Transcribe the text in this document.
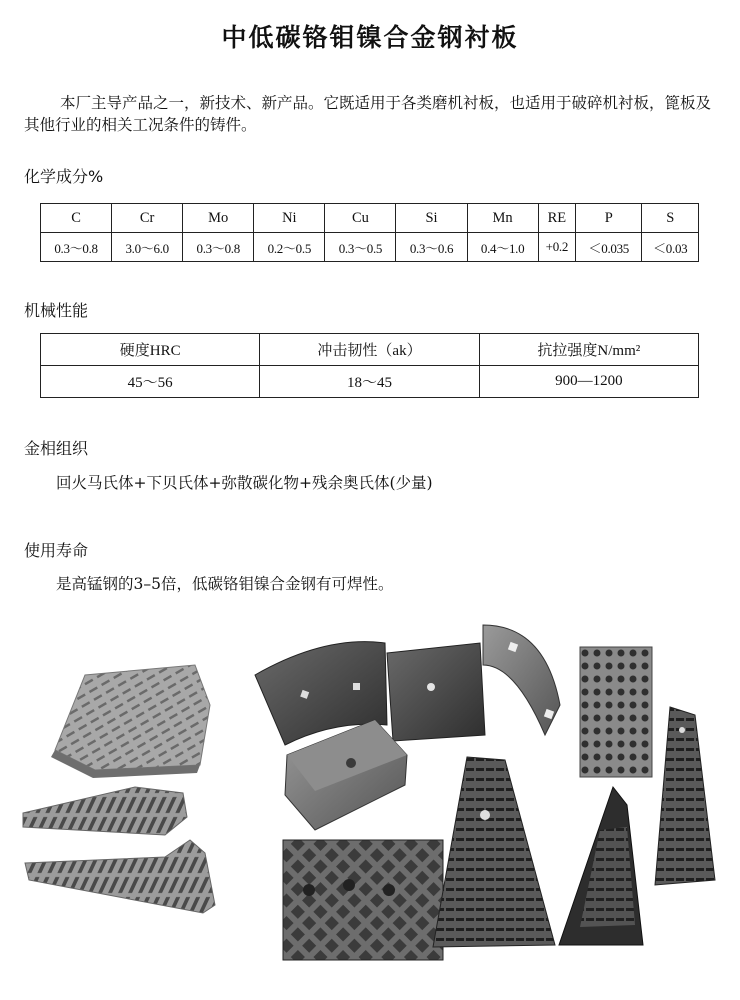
中低碳铬钼镍合金钢衬板
本厂主导产品之一，新技术、新产品。它既适用于各类磨机衬板，也适用于破碎机衬板，篦板及其他行业的相关工况条件的铸件。
化学成分%
C	Cr	Mo	Ni	Cu	Si	Mn	RE	P	S
0.3～0.8	3.0～6.0	0.3～0.8	0.2～0.5	0.3～0.5	0.3～0.6	0.4～1.0	+0.2	＜0.035	＜0.03
机械性能
硬度HRC	冲击韧性（ak）	抗拉强度N/mm²
45～56	18～45	900—1200
金相组织
回火马氏体+下贝氏体+弥散碳化物+残余奥氏体(少量)
使用寿命
是高锰钢的3–5倍，低碳铬钼镍合金钢有可焊性。
